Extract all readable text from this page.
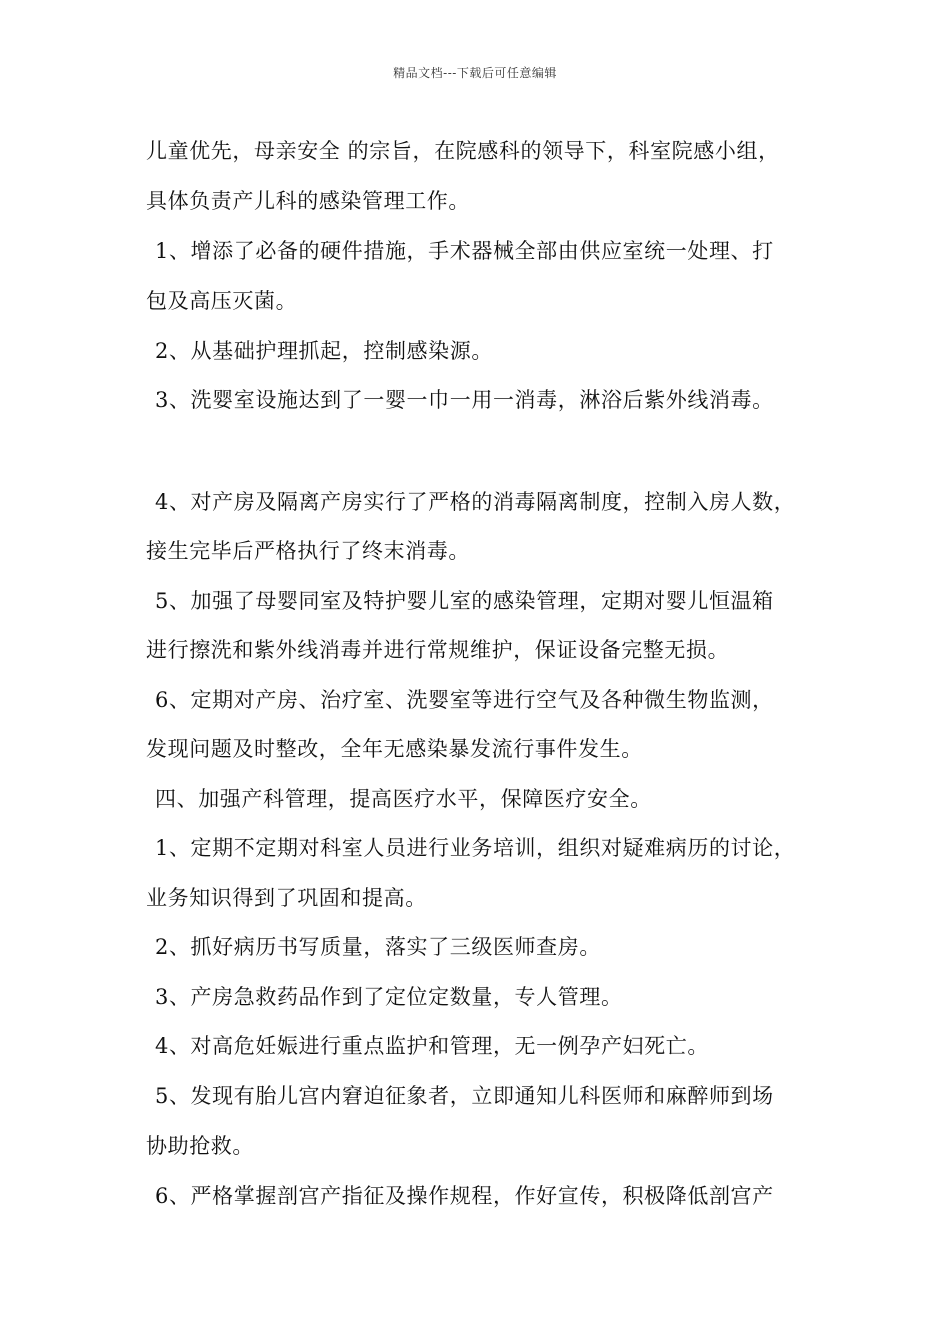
精品文档---下载后可任意编辑
儿童优先，母亲安全 的宗旨，在院感科的领导下，科室院感小组，
具体负责产儿科的感染管理工作。
1、增添了必备的硬件措施，手术器械全部由供应室统一处理、打
包及高压灭菌。
2、从基础护理抓起，控制感染源。
3、洗婴室设施达到了一婴一巾一用一消毒，淋浴后紫外线消毒。
4、对产房及隔离产房实行了严格的消毒隔离制度，控制入房人数，
接生完毕后严格执行了终末消毒。
5、加强了母婴同室及特护婴儿室的感染管理，定期对婴儿恒温箱
进行擦洗和紫外线消毒并进行常规维护，保证设备完整无损。
6、定期对产房、治疗室、洗婴室等进行空气及各种微生物监测，
发现问题及时整改，全年无感染暴发流行事件发生。
四、加强产科管理，提高医疗水平，保障医疗安全。
1、定期不定期对科室人员进行业务培训，组织对疑难病历的讨论，
业务知识得到了巩固和提高。
2、抓好病历书写质量，落实了三级医师查房。
3、产房急救药品作到了定位定数量，专人管理。
4、对高危妊娠进行重点监护和管理，无一例孕产妇死亡。
5、发现有胎儿宫内窘迫征象者，立即通知儿科医师和麻醉师到场
协助抢救。
6、严格掌握剖宫产指征及操作规程，作好宣传，积极降低剖宫产
